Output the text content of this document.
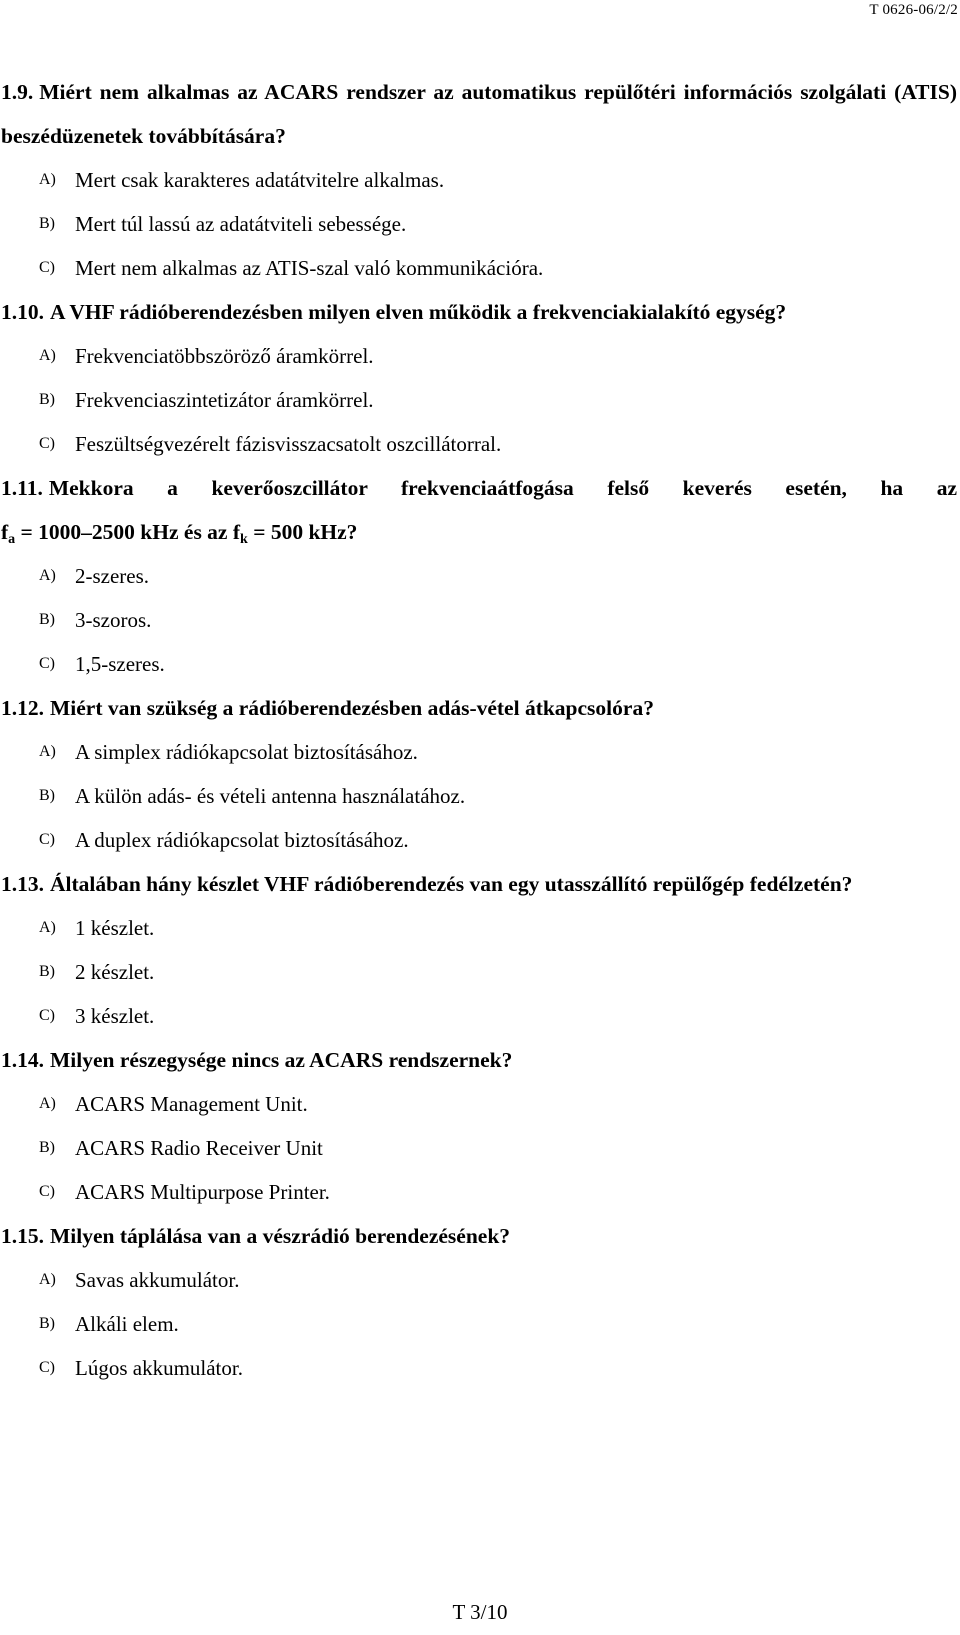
T 0626-06/2/2
1.9. Miért nem alkalmas az ACARS rendszer az automatikus repülőtéri információs szolgálati (ATIS) beszédüzenetek továbbítására?
A) Mert csak karakteres adatátvitelre alkalmas.
B) Mert túl lassú az adatátviteli sebessége.
C) Mert nem alkalmas az ATIS-szal való kommunikációra.
1.10. A VHF rádióberendezésben milyen elven működik a frekvenciakialakító egység?
A) Frekvenciatöbbszöröző áramkörrel.
B) Frekvenciaszintetizátor áramkörrel.
C) Feszültségvezérelt fázisvisszacsatolt oszcillátorral.
1.11. Mekkora a keverőoszcillátor frekvenciaátfogása felső keverés esetén, ha az
$f_a = 1000-2500$ kHz és az $f_k = 500$ kHz?
A) 2-szeres.
B) 3-szoros.
C) 1,5-szeres.
1.12. Miért van szükség a rádióberendezésben adás-vétel átkapcsolóra?
A) A simplex rádiókapcsolat biztosításához.
B) A külön adás- és vételi antenna használatához.
C) A duplex rádiókapcsolat biztosításához.
1.13. Általában hány készlet VHF rádióberendezés van egy utasszállító repülőgép fedélzetén?
A) 1 készlet.
B) 2 készlet.
C) 3 készlet.
1.14. Milyen részegysége nincs az ACARS rendszernek?
A) ACARS Management Unit.
B) ACARS Radio Receiver Unit
C) ACARS Multipurpose Printer.
1.15. Milyen táplálása van a vészrádió berendezésének?
A) Savas akkumulátor.
B) Alkáli elem.
C) Lúgos akkumulátor.
T 3/10
